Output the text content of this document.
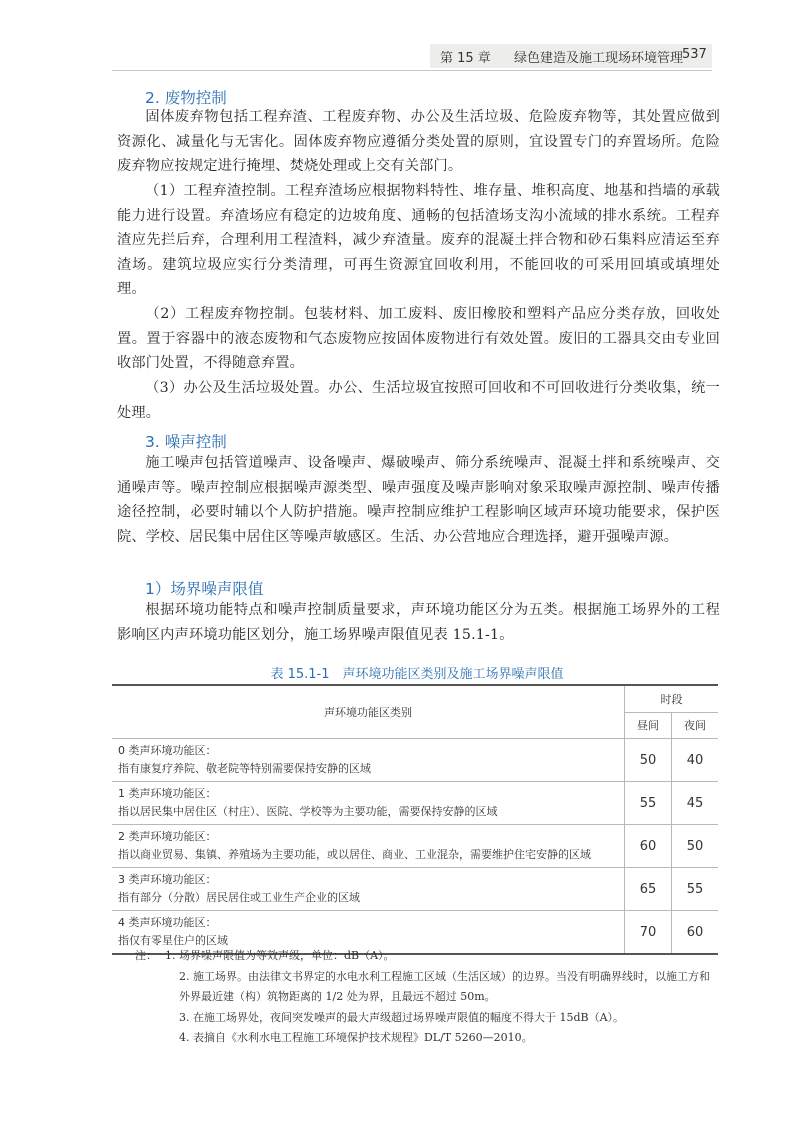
第 15 章 绿色建造及施工现场环境管理
537
2. 废物控制
固体废弃物包括工程弃渣、工程废弃物、办公及生活垃圾、危险废弃物等，其处置应做到资源化、减量化与无害化。固体废弃物应遵循分类处置的原则，宜设置专门的弃置场所。危险废弃物应按规定进行掩埋、焚烧处理或上交有关部门。
（1）工程弃渣控制。工程弃渣场应根据物料特性、堆存量、堆积高度、地基和挡墙的承载能力进行设置。弃渣场应有稳定的边坡角度、通畅的包括渣场支沟小流域的排水系统。工程弃渣应先拦后弃，合理利用工程渣料，减少弃渣量。废弃的混凝土拌合物和砂石集料应清运至弃渣场。建筑垃圾应实行分类清理，可再生资源宜回收利用，不能回收的可采用回填或填埋处理。
（2）工程废弃物控制。包装材料、加工废料、废旧橡胶和塑料产品应分类存放，回收处置。置于容器中的液态废物和气态废物应按固体废物进行有效处置。废旧的工器具交由专业回收部门处置，不得随意弃置。
（3）办公及生活垃圾处置。办公、生活垃圾宜按照可回收和不可回收进行分类收集，统一处理。
3. 噪声控制
施工噪声包括管道噪声、设备噪声、爆破噪声、筛分系统噪声、混凝土拌和系统噪声、交通噪声等。噪声控制应根据噪声源类型、噪声强度及噪声影响对象采取噪声源控制、噪声传播途径控制，必要时辅以个人防护措施。噪声控制应维护工程影响区域声环境功能要求，保护医院、学校、居民集中居住区等噪声敏感区。生活、办公营地应合理选择，避开强噪声源。
1）场界噪声限值
根据环境功能特点和噪声控制质量要求，声环境功能区分为五类。根据施工场界外的工程影响区内声环境功能区划分，施工场界噪声限值见表 15.1-1。
表 15.1-1　声环境功能区类别及施工场界噪声限值
声环境功能区类别	时段	
	昼间	夜间

0 类声环境功能区：
指有康复疗养院、敬老院等特别需要保持安静的区域	50	40

1 类声环境功能区：
指以居民集中居住区（村庄）、医院、学校等为主要功能，需要保持安静的区域	55	45

2 类声环境功能区：
指以商业贸易、集镇、养殖场为主要功能，或以居住、商业、工业混杂，需要维护住宅安静的区域	60	50

3 类声环境功能区：
指有部分（分散）居民居住或工业生产企业的区域	65	55

4 类声环境功能区：
指仅有零星住户的区域	70	60
注： 1. 场界噪声限值为等效声级，单位：dB（A）。
2. 施工场界。由法律文书界定的水电水利工程施工区域（生活区域）的边界。当没有明确界线时，以施工方和外界最近建（构）筑物距离的 1/2 处为界，且最远不超过 50m。
3. 在施工场界处，夜间突发噪声的最大声级超过场界噪声限值的幅度不得大于 15dB（A）。
4. 表摘自《水利水电工程施工环境保护技术规程》DL/T 5260—2010。
